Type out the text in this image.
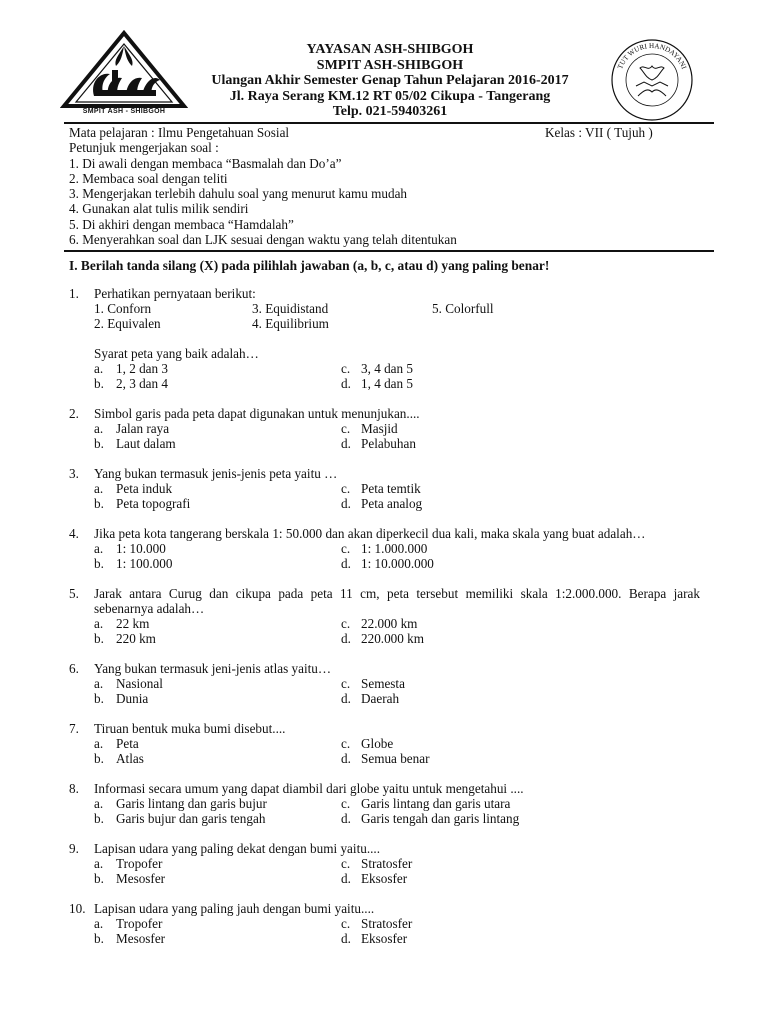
SMPIT ASH - SHIBGOH
YAYASAN ASH-SHIBGOH
SMPIT ASH-SHIBGOH
Ulangan Akhir Semester Genap Tahun Pelajaran 2016-2017
Jl. Raya Serang KM.12 RT 05/02 Cikupa - Tangerang
Telp. 021-59403261
TUT WURI HANDAYANI
Mata pelajaran : Ilmu Pengetahuan Sosial	Kelas : VII ( Tujuh )
Petunjuk mengerjakan soal :
1. Di awali dengan membaca “Basmalah dan Do’a”
2. Membaca soal dengan teliti
3. Mengerjakan terlebih dahulu soal yang menurut kamu mudah
4. Gunakan alat tulis milik sendiri
5. Di akhiri dengan membaca “Hamdalah”
6. Menyerahkan soal dan LJK sesuai dengan waktu yang telah ditentukan
I. Berilah tanda silang (X) pada pilihlah jawaban (a, b, c, atau d) yang paling benar!
1. Perhatikan pernyataan berikut:
1. Conforn	3. Equidistand	5. Colorfull
2. Equivalen	4. Equilibrium
Syarat peta yang baik adalah…
a. 1, 2 dan 3	c. 3, 4 dan 5
b. 2, 3 dan 4	d. 1, 4 dan 5
2. Simbol garis pada peta dapat digunakan untuk menunjukan....
a. Jalan raya	c. Masjid
b. Laut dalam	d. Pelabuhan
3. Yang bukan termasuk jenis-jenis peta yaitu …
a. Peta induk	c. Peta temtik
b. Peta topografi	d. Peta analog
4. Jika peta kota tangerang berskala 1: 50.000 dan akan diperkecil dua kali, maka skala yang buat adalah…
a. 1: 10.000	c. 1: 1.000.000
b. 1: 100.000	d. 1: 10.000.000
5. Jarak antara Curug dan cikupa pada peta 11 cm, peta tersebut memiliki skala 1:2.000.000. Berapa jarak sebenarnya adalah…
a. 22 km	c. 22.000 km
b. 220 km	d. 220.000 km
6. Yang bukan termasuk jeni-jenis atlas yaitu…
a. Nasional	c. Semesta
b. Dunia	d. Daerah
7. Tiruan bentuk muka bumi disebut....
a. Peta	c. Globe
b. Atlas	d. Semua benar
8. Informasi secara umum yang dapat diambil dari globe yaitu untuk mengetahui ....
a. Garis lintang dan garis bujur	c. Garis lintang dan garis utara
b. Garis bujur dan garis tengah	d. Garis tengah dan garis lintang
9. Lapisan udara yang paling dekat dengan bumi yaitu....
a. Tropofer	c. Stratosfer
b. Mesosfer	d. Eksosfer
10. Lapisan udara yang paling jauh dengan bumi yaitu....
a. Tropofer	c. Stratosfer
b. Mesosfer	d. Eksosfer
